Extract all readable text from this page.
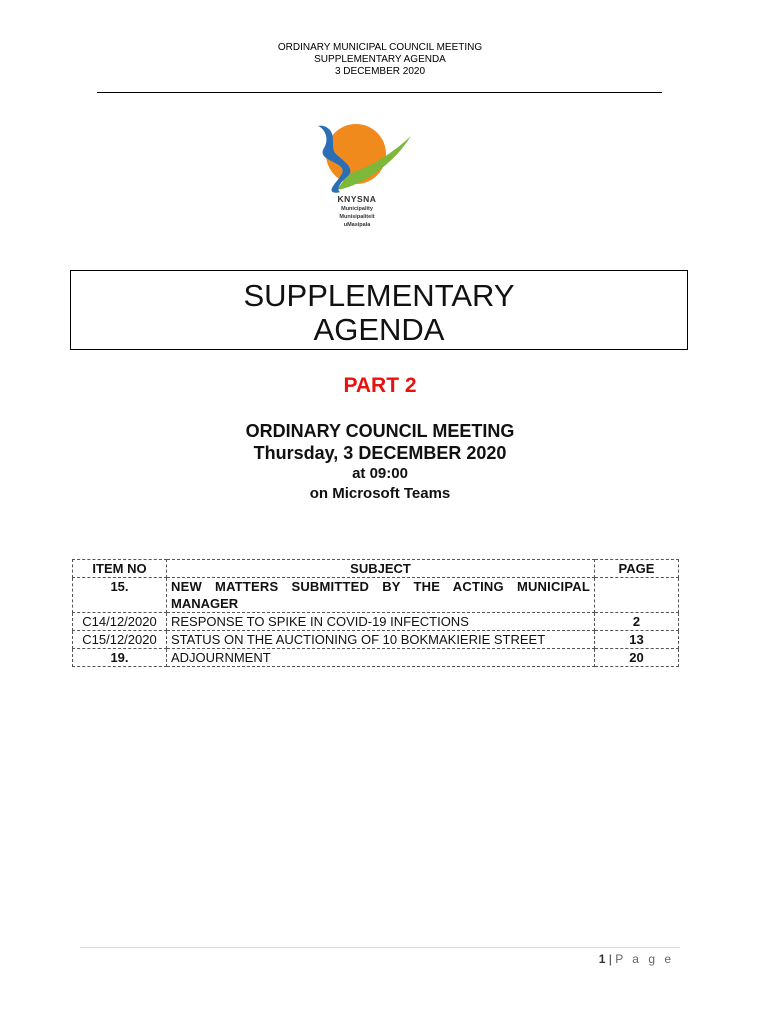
ORDINARY MUNICIPAL COUNCIL MEETING
SUPPLEMENTARY AGENDA
3 DECEMBER 2020
KNYSNA
Municipality
Munisipaliteit
uMasipala
SUPPLEMENTARY
AGENDA
PART 2
ORDINARY COUNCIL MEETING
Thursday, 3 DECEMBER 2020
at 09:00
on Microsoft Teams
ITEM NO	SUBJECT	PAGE
15.	NEW MATTERS SUBMITTED BY THE ACTING MUNICIPAL
MANAGER	

C14/12/2020	RESPONSE TO SPIKE IN COVID-19 INFECTIONS	2
C15/12/2020	STATUS ON THE AUCTIONING OF 10 BOKMAKIERIE STREET	13
19.	ADJOURNMENT	20
1 | P a g e
